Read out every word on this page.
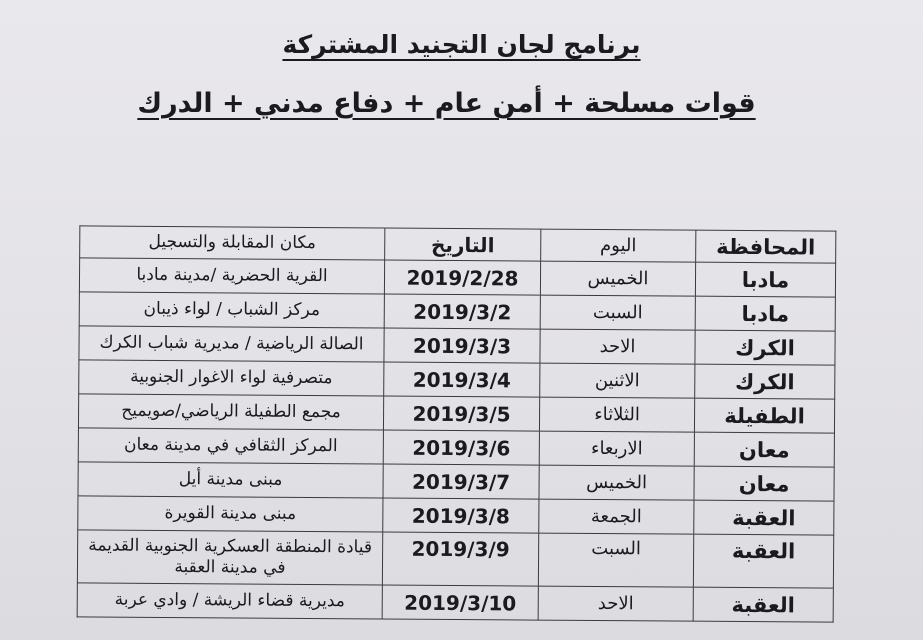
برنامج لجان التجنيد المشتركة
قوات مسلحة + أمن عام + دفاع مدني + الدرك
المحافظة	اليوم	التاريخ	مكان المقابلة والتسجيل
مادبا	الخميس	2019/2/28	القرية الحضرية /مدينة مادبا
مادبا	السبت	2019/3/2	مركز الشباب / لواء ذيبان
الكرك	الاحد	2019/3/3	الصالة الرياضية / مديرية شباب الكرك
الكرك	الاثنين	2019/3/4	متصرفية لواء الاغوار الجنوبية
الطفيلة	الثلاثاء	2019/3/5	مجمع الطفيلة الرياضي/صويميح
معان	الاربعاء	2019/3/6	المركز الثقافي في مدينة معان
معان	الخميس	2019/3/7	مبنى مدينة أيل
العقبة	الجمعة	2019/3/8	مبنى مدينة القويرة
العقبة	السبت	2019/3/9	قيادة المنطقة العسكرية الجنوبية القديمة في مدينة العقبة
العقبة	الاحد	2019/3/10	مديرية قضاء الريشة / وادي عربة
